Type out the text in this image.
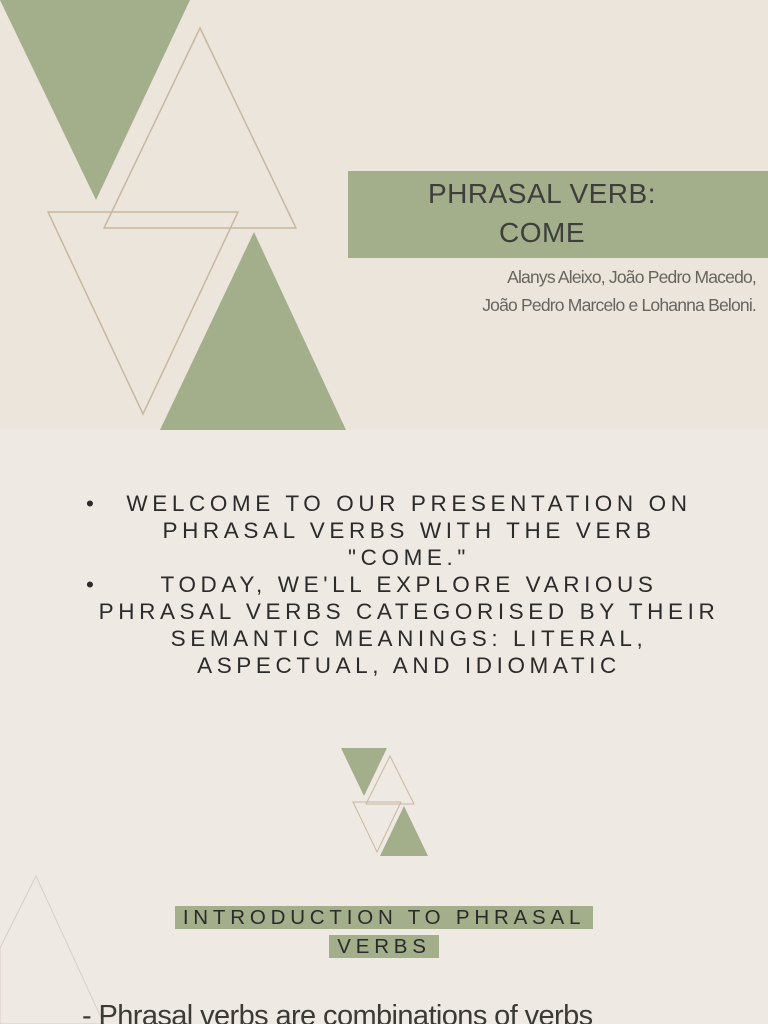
PHRASAL VERB:
COME
Alanys Aleixo, João Pedro Macedo,
João Pedro Marcelo e Lohanna Beloni.
• WELCOME TO OUR PRESENTATION ON PHRASAL VERBS WITH THE VERB "COME."
• TODAY, WE'LL EXPLORE VARIOUS PHRASAL VERBS CATEGORISED BY THEIR SEMANTIC MEANINGS: LITERAL, ASPECTUAL, AND IDIOMATIC
INTRODUCTION TO PHRASAL VERBS
- Phrasal verbs are combinations of verbs
